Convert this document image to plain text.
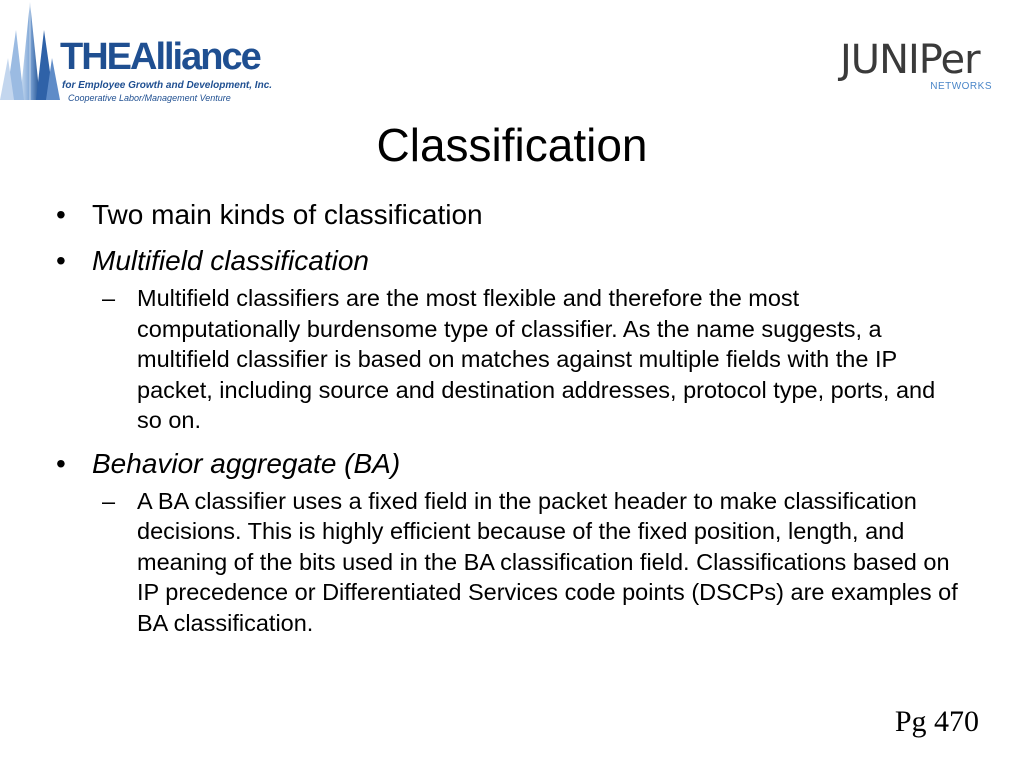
THEAlliance
for Employee Growth and Development, Inc.
Cooperative Labor/Management Venture
JUNIPer
NETWORKS
Classification
• Two main kinds of classification
• Multifield classification
– Multifield classifiers are the most flexible and therefore the most computationally burdensome type of classifier. As the name suggests, a multifield classifier is based on matches against multiple fields with the IP packet, including source and destination addresses, protocol type, ports, and so on.
• Behavior aggregate (BA)
– A BA classifier uses a fixed field in the packet header to make classification decisions. This is highly efficient because of the fixed position, length, and meaning of the bits used in the BA classification field. Classifications based on IP precedence or Differentiated Services code points (DSCPs) are examples of BA classification.
Pg 470
